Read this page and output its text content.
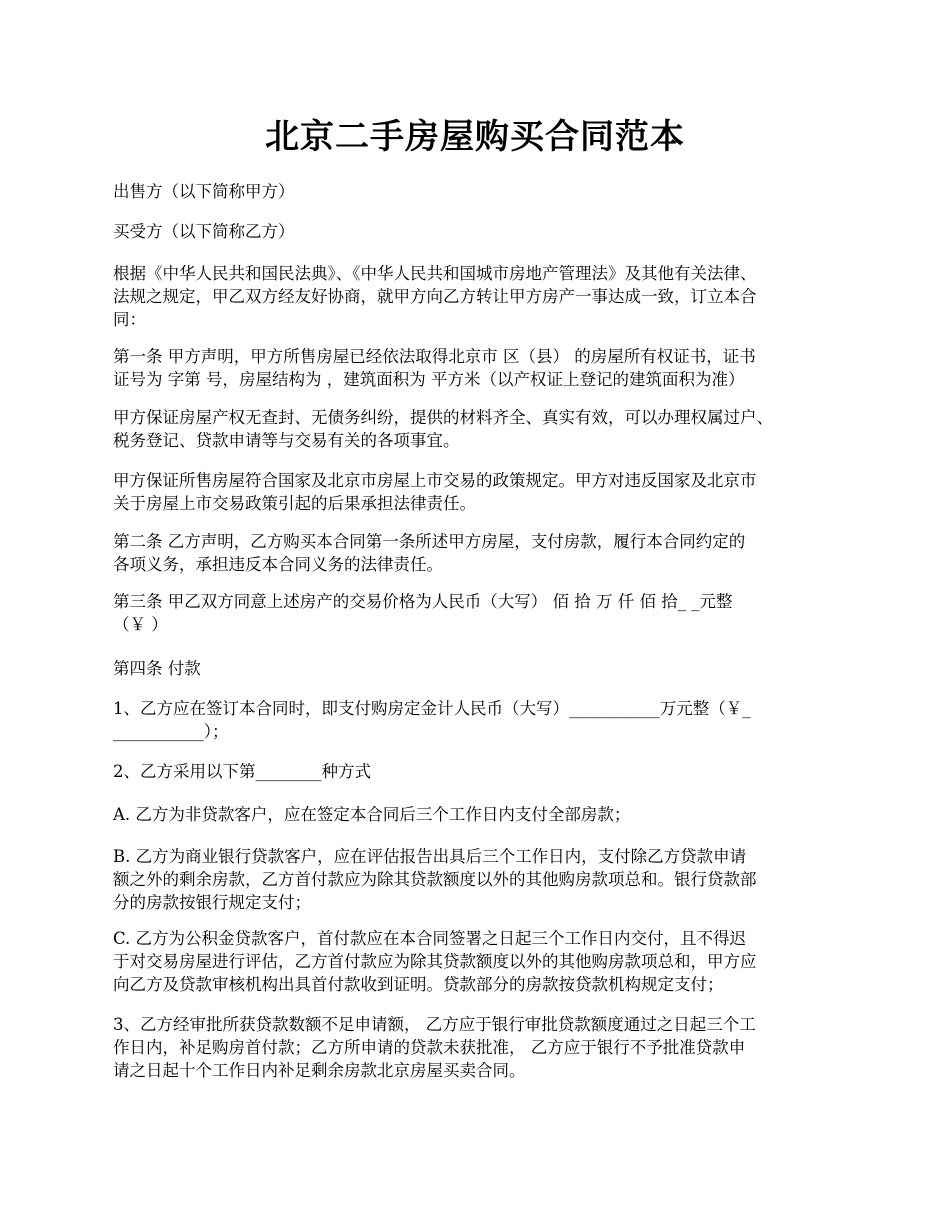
北京二手房屋购买合同范本
出售方（以下简称甲方）
买受方（以下简称乙方）
根据《中华人民共和国民法典》、《中华人民共和国城市房地产管理法》及其他有关法律、
法规之规定，甲乙双方经友好协商，就甲方向乙方转让甲方房产一事达成一致，订立本合
同：
第一条 甲方声明，甲方所售房屋已经依法取得北京市 区（县） 的房屋所有权证书，证书
证号为 字第 号，房屋结构为 ，建筑面积为 平方米（以产权证上登记的建筑面积为准）
甲方保证房屋产权无查封、无债务纠纷，提供的材料齐全、真实有效，可以办理权属过户、
税务登记、贷款申请等与交易有关的各项事宜。
甲方保证所售房屋符合国家及北京市房屋上市交易的政策规定。甲方对违反国家及北京市
关于房屋上市交易政策引起的后果承担法律责任。
第二条 乙方声明，乙方购买本合同第一条所述甲方房屋，支付房款，履行本合同约定的
各项义务，承担违反本合同义务的法律责任。
第三条 甲乙双方同意上述房产的交易价格为人民币（大写） 佰 拾 万 仟 佰 拾_ _元整
（￥ ）
第四条 付款
1、乙方应在签订本合同时，即支付购房定金计人民币（大写）___________万元整（￥_
___________）；
2、乙方采用以下第________种方式
A. 乙方为非贷款客户，应在签定本合同后三个工作日内支付全部房款；
B. 乙方为商业银行贷款客户，应在评估报告出具后三个工作日内，支付除乙方贷款申请
额之外的剩余房款，乙方首付款应为除其贷款额度以外的其他购房款项总和。银行贷款部
分的房款按银行规定支付；
C. 乙方为公积金贷款客户，首付款应在本合同签署之日起三个工作日内交付，且不得迟
于对交易房屋进行评估，乙方首付款应为除其贷款额度以外的其他购房款项总和，甲方应
向乙方及贷款审核机构出具首付款收到证明。贷款部分的房款按贷款机构规定支付；
3、乙方经审批所获贷款数额不足申请额， 乙方应于银行审批贷款额度通过之日起三个工
作日内，补足购房首付款；乙方所申请的贷款未获批准， 乙方应于银行不予批准贷款申
请之日起十个工作日内补足剩余房款北京房屋买卖合同。
